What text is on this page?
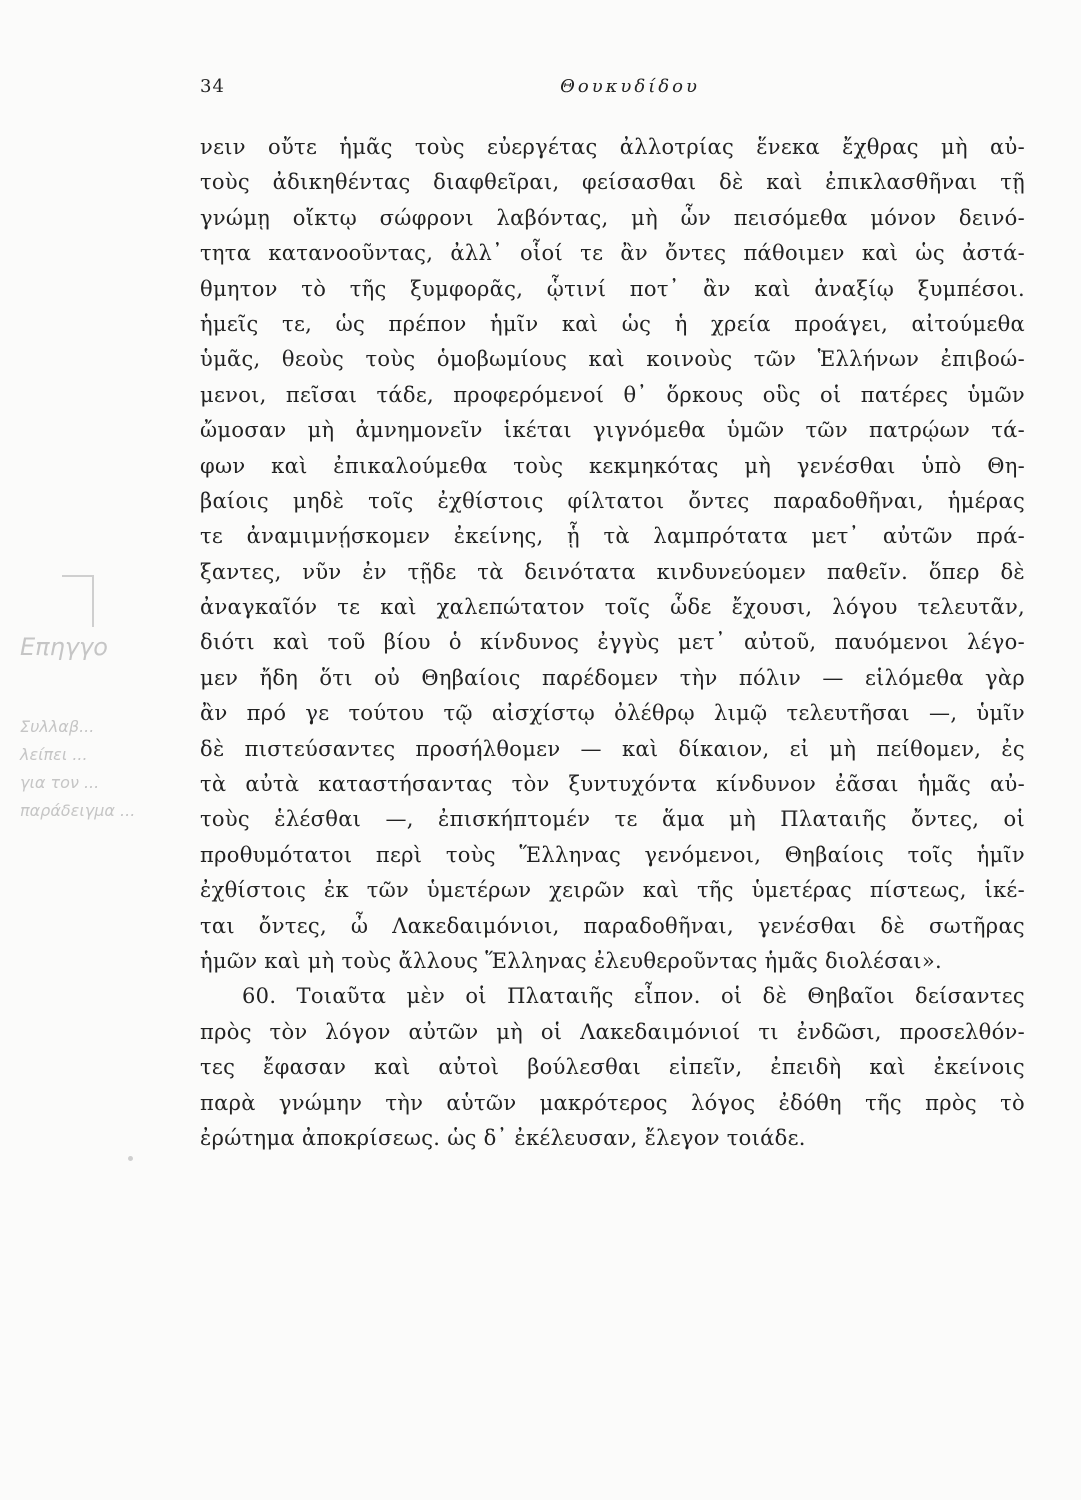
34	Θουκυδίδου
Επηγγο
Συλλαβ...
λείπει ...
για τον ...
παράδειγμα ...
νειν οὔτε ἡμᾶς τοὺς εὐεργέτας ἀλλοτρίας ἕνεκα ἔχθρας μὴ αὐ-
τοὺς ἀδικηθέντας διαφθεῖραι, φείσασθαι δὲ καὶ ἐπικλασθῆναι τῇ
γνώμῃ οἴκτῳ σώφρονι λαβόντας, μὴ ὧν πεισόμεθα μόνον δεινό-
τητα κατανοοῦντας, ἀλλ᾽ οἷοί τε ἂν ὄντες πάθοιμεν καὶ ὡς ἀστά-
θμητον τὸ τῆς ξυμφορᾶς, ᾧτινί ποτ᾽ ἂν καὶ ἀναξίῳ ξυμπέσοι.
ἡμεῖς τε, ὡς πρέπον ἡμῖν καὶ ὡς ἡ χρεία προάγει, αἰτούμεθα
ὑμᾶς, θεοὺς τοὺς ὁμοβωμίους καὶ κοινοὺς τῶν Ἑλλήνων ἐπιβοώ-
μενοι, πεῖσαι τάδε, προφερόμενοί θ᾽ ὅρκους οὓς οἱ πατέρες ὑμῶν
ὤμοσαν μὴ ἀμνημονεῖν ἱκέται γιγνόμεθα ὑμῶν τῶν πατρῴων τά-
φων καὶ ἐπικαλούμεθα τοὺς κεκμηκότας μὴ γενέσθαι ὑπὸ Θη-
βαίοις μηδὲ τοῖς ἐχθίστοις φίλτατοι ὄντες παραδοθῆναι, ἡμέρας
τε ἀναμιμνῄσκομεν ἐκείνης, ᾗ τὰ λαμπρότατα μετ᾽ αὐτῶν πρά-
ξαντες, νῦν ἐν τῇδε τὰ δεινότατα κινδυνεύομεν παθεῖν. ὅπερ δὲ
ἀναγκαῖόν τε καὶ χαλεπώτατον τοῖς ὧδε ἔχουσι, λόγου τελευτᾶν,
διότι καὶ τοῦ βίου ὁ κίνδυνος ἐγγὺς μετ᾽ αὐτοῦ, παυόμενοι λέγο-
μεν ἤδη ὅτι οὐ Θηβαίοις παρέδομεν τὴν πόλιν — εἱλόμεθα γὰρ
ἂν πρό γε τούτου τῷ αἰσχίστῳ ὀλέθρῳ λιμῷ τελευτῆσαι —, ὑμῖν
δὲ πιστεύσαντες προσήλθομεν — καὶ δίκαιον, εἰ μὴ πείθομεν, ἐς
τὰ αὐτὰ καταστήσαντας τὸν ξυντυχόντα κίνδυνον ἐᾶσαι ἡμᾶς αὐ-
τοὺς ἑλέσθαι —, ἐπισκήπτομέν τε ἅμα μὴ Πλαταιῆς ὄντες, οἱ
προθυμότατοι περὶ τοὺς Ἕλληνας γενόμενοι, Θηβαίοις τοῖς ἡμῖν
ἐχθίστοις ἐκ τῶν ὑμετέρων χειρῶν καὶ τῆς ὑμετέρας πίστεως, ἱκέ-
ται ὄντες, ὦ Λακεδαιμόνιοι, παραδοθῆναι, γενέσθαι δὲ σωτῆρας
ἡμῶν καὶ μὴ τοὺς ἄλλους Ἕλληνας ἐλευθεροῦντας ἡμᾶς διολέσαι».
60. Τοιαῦτα μὲν οἱ Πλαταιῆς εἶπον. οἱ δὲ Θηβαῖοι δείσαντες
πρὸς τὸν λόγον αὐτῶν μὴ οἱ Λακεδαιμόνιοί τι ἐνδῶσι, προσελθόν-
τες ἔφασαν καὶ αὐτοὶ βούλεσθαι εἰπεῖν, ἐπειδὴ καὶ ἐκείνοις
παρὰ γνώμην τὴν αὑτῶν μακρότερος λόγος ἐδόθη τῆς πρὸς τὸ
ἐρώτημα ἀποκρίσεως. ὡς δ᾽ ἐκέλευσαν, ἔλεγον τοιάδε.
